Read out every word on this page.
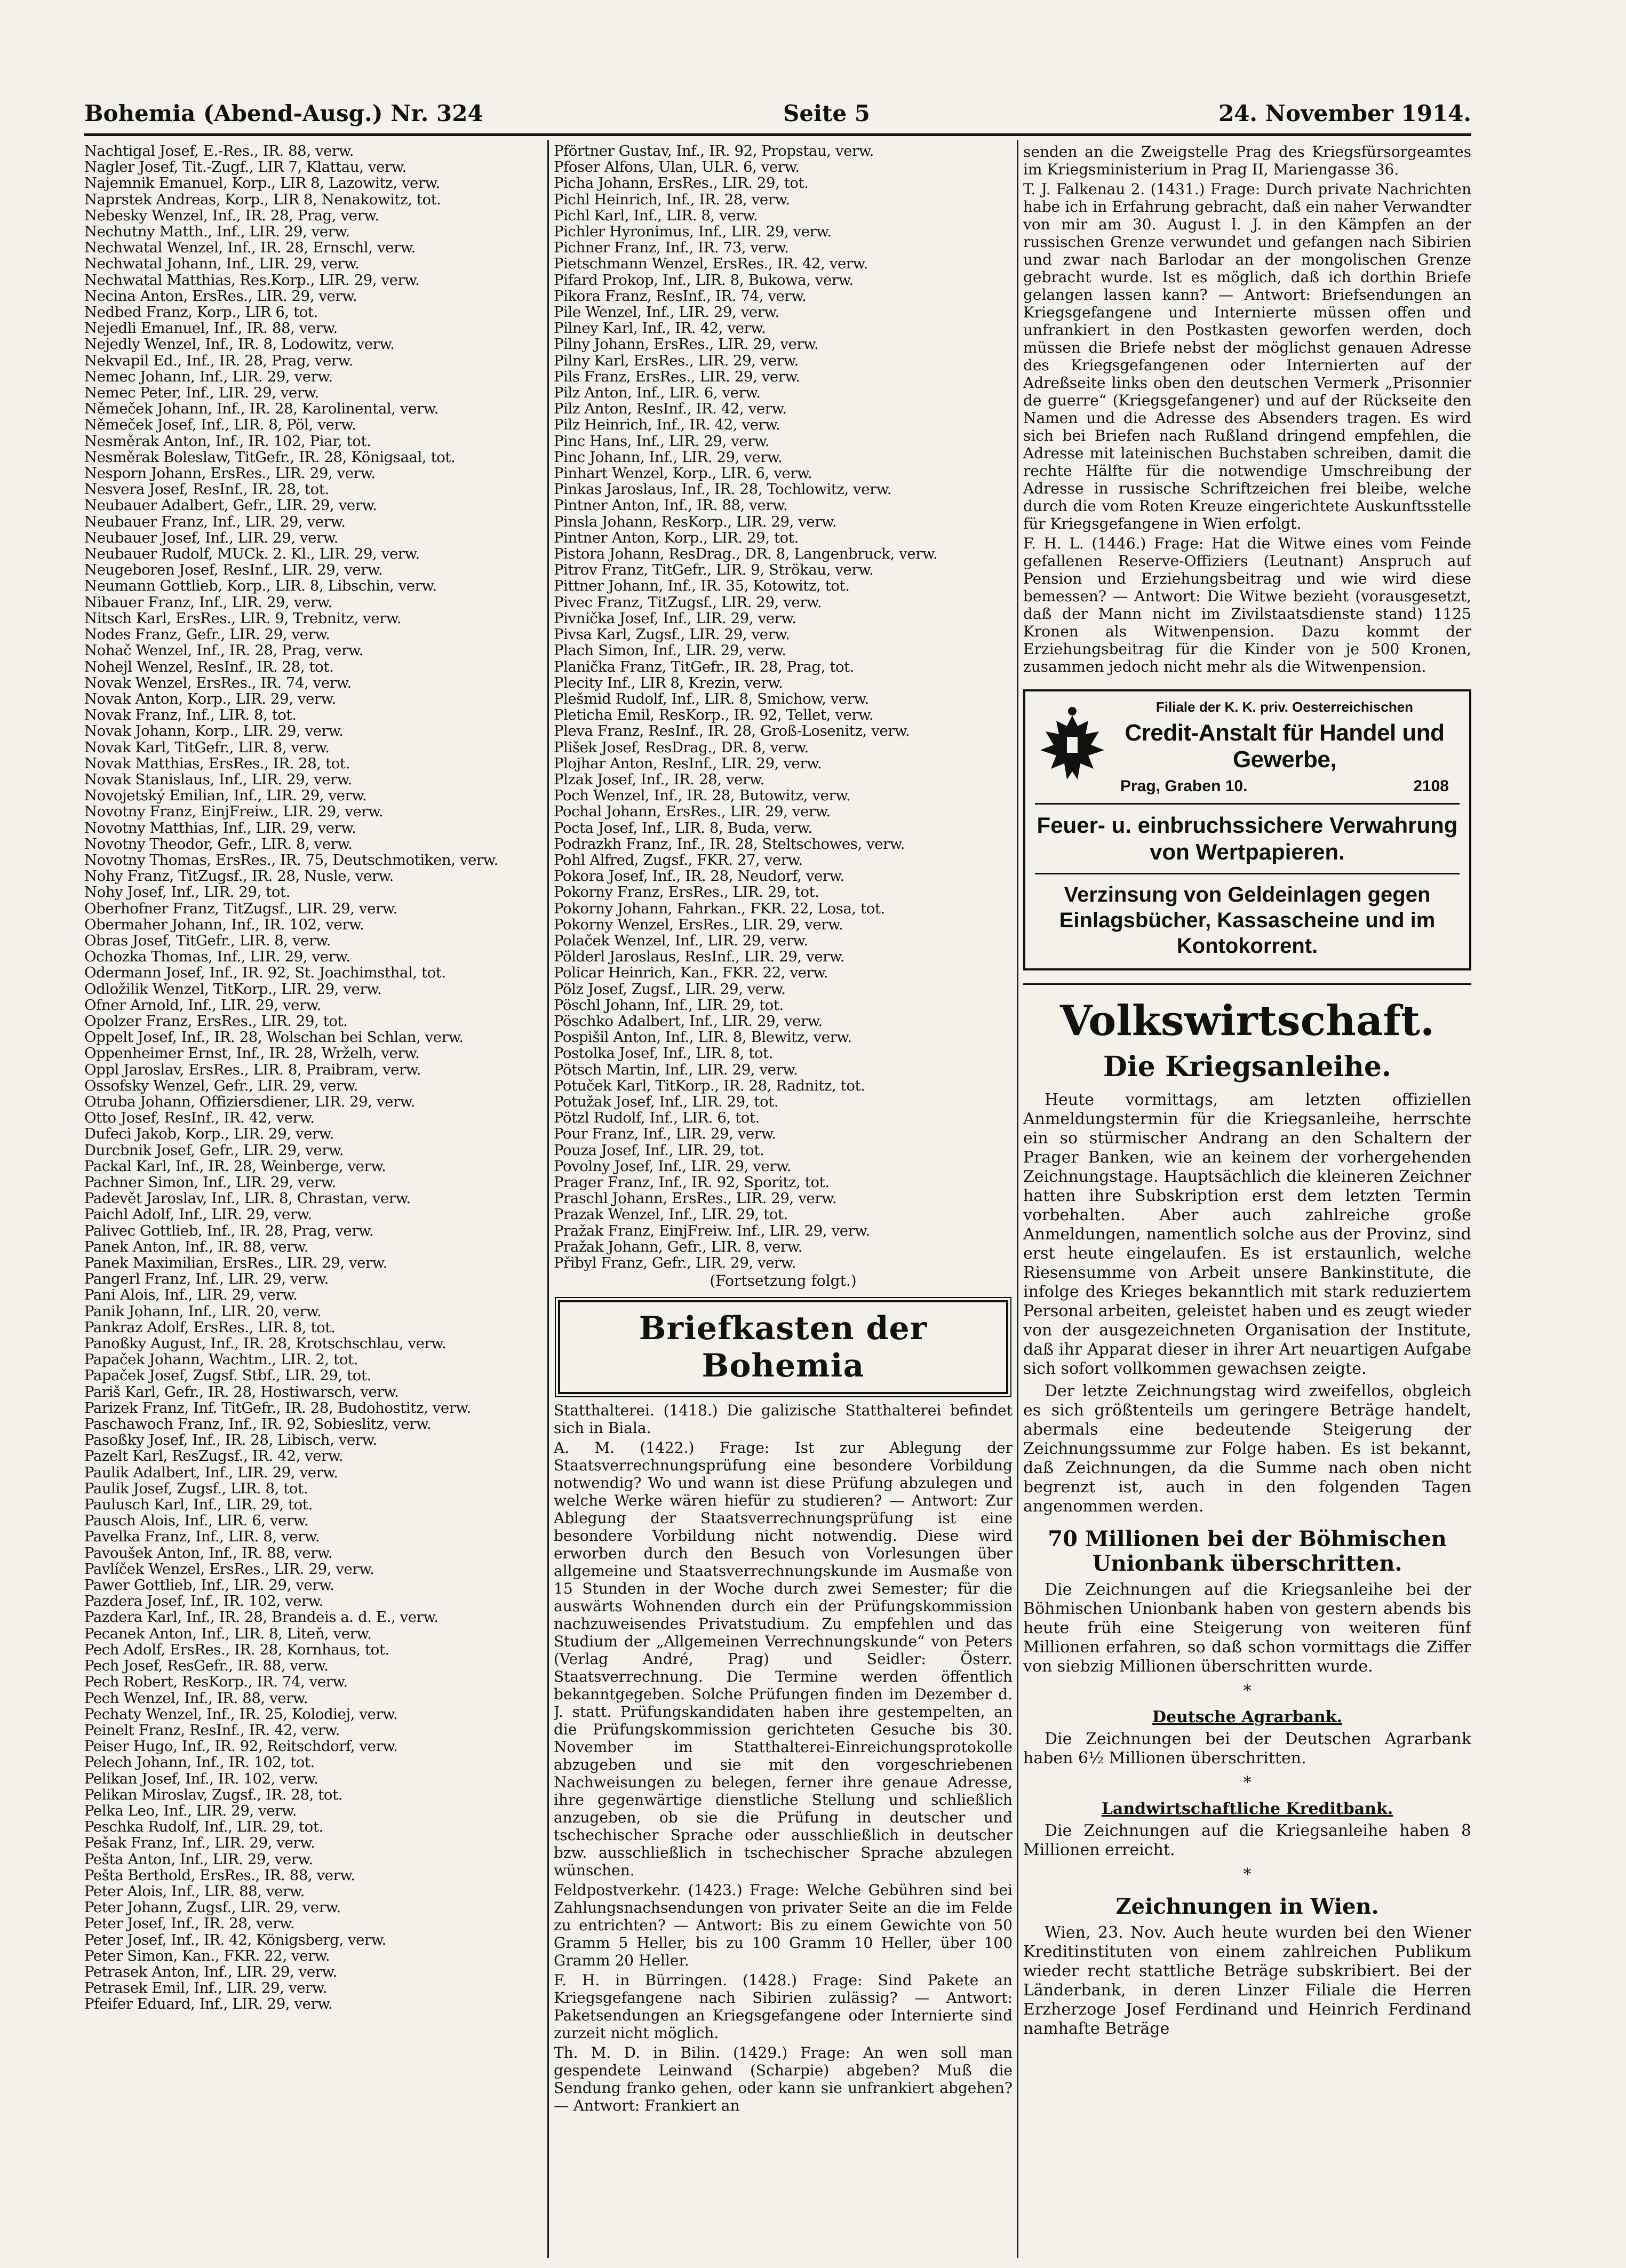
Bohemia (Abend-Ausg.) Nr. 324	Seite 5	24. November 1914.
Nachtigal Josef, E.-Res., IR. 88, verw.
Nagler Josef, Tit.-Zugf., LIR 7, Klattau, verw.
Najemnik Emanuel, Korp., LIR 8, Lazowitz, verw.
Naprstek Andreas, Korp., LIR 8, Nenakowitz, tot.
Nebesky Wenzel, Inf., IR. 28, Prag, verw.
Nechutny Matth., Inf., LIR. 29, verw.
Nechwatal Wenzel, Inf., IR. 28, Ernschl, verw.
Nechwatal Johann, Inf., LIR. 29, verw.
Nechwatal Matthias, Res.Korp., LIR. 29, verw.
Necina Anton, ErsRes., LIR. 29, verw.
Nedbed Franz, Korp., LIR 6, tot.
Nejedli Emanuel, Inf., IR. 88, verw.
Nejedly Wenzel, Inf., IR. 8, Lodowitz, verw.
Nekvapil Ed., Inf., IR. 28, Prag, verw.
Nemec Johann, Inf., LIR. 29, verw.
Nemec Peter, Inf., LIR. 29, verw.
Němeček Johann, Inf., IR. 28, Karolinental, verw.
Němeček Josef, Inf., LIR. 8, Pöl, verw.
Nesměrak Anton, Inf., IR. 102, Piar, tot.
Nesměrak Boleslaw, TitGefr., IR. 28, Königsaal, tot.
Nesporn Johann, ErsRes., LIR. 29, verw.
Nesvera Josef, ResInf., IR. 28, tot.
Neubauer Adalbert, Gefr., LIR. 29, verw.
Neubauer Franz, Inf., LIR. 29, verw.
Neubauer Josef, Inf., LIR. 29, verw.
Neubauer Rudolf, MUCk. 2. Kl., LIR. 29, verw.
Neugeboren Josef, ResInf., LIR. 29, verw.
Neumann Gottlieb, Korp., LIR. 8, Libschin, verw.
Nibauer Franz, Inf., LIR. 29, verw.
Nitsch Karl, ErsRes., LIR. 9, Trebnitz, verw.
Nodes Franz, Gefr., LIR. 29, verw.
Nohač Wenzel, Inf., IR. 28, Prag, verw.
Nohejl Wenzel, ResInf., IR. 28, tot.
Novak Wenzel, ErsRes., IR. 74, verw.
Novak Anton, Korp., LIR. 29, verw.
Novak Franz, Inf., LIR. 8, tot.
Novak Johann, Korp., LIR. 29, verw.
Novak Karl, TitGefr., LIR. 8, verw.
Novak Matthias, ErsRes., IR. 28, tot.
Novak Stanislaus, Inf., LIR. 29, verw.
Novojetský Emilian, Inf., LIR. 29, verw.
Novotny Franz, EinjFreiw., LIR. 29, verw.
Novotny Matthias, Inf., LIR. 29, verw.
Novotny Theodor, Gefr., LIR. 8, verw.
Novotny Thomas, ErsRes., IR. 75, Deutschmotiken, verw.
Nohy Franz, TitZugsf., IR. 28, Nusle, verw.
Nohy Josef, Inf., LIR. 29, tot.
Oberhofner Franz, TitZugsf., LIR. 29, verw.
Obermaher Johann, Inf., IR. 102, verw.
Obras Josef, TitGefr., LIR. 8, verw.
Ochozka Thomas, Inf., LIR. 29, verw.
Odermann Josef, Inf., IR. 92, St. Joachimsthal, tot.
Odložilik Wenzel, TitKorp., LIR. 29, verw.
Ofner Arnold, Inf., LIR. 29, verw.
Opolzer Franz, ErsRes., LIR. 29, tot.
Oppelt Josef, Inf., IR. 28, Wolschan bei Schlan, verw.
Oppenheimer Ernst, Inf., IR. 28, Wrželh, verw.
Oppl Jaroslav, ErsRes., LIR. 8, Praibram, verw.
Ossofsky Wenzel, Gefr., LIR. 29, verw.
Otruba Johann, Offiziersdiener, LIR. 29, verw.
Otto Josef, ResInf., IR. 42, verw.
Dufeci Jakob, Korp., LIR. 29, verw.
Durcbnik Josef, Gefr., LIR. 29, verw.
Packal Karl, Inf., IR. 28, Weinberge, verw.
Pachner Simon, Inf., LIR. 29, verw.
Padevět Jaroslav, Inf., LIR. 8, Chrastan, verw.
Paichl Adolf, Inf., LIR. 29, verw.
Palivec Gottlieb, Inf., IR. 28, Prag, verw.
Panek Anton, Inf., IR. 88, verw.
Panek Maximilian, ErsRes., LIR. 29, verw.
Pangerl Franz, Inf., LIR. 29, verw.
Pani Alois, Inf., LIR. 29, verw.
Panik Johann, Inf., LIR. 20, verw.
Pankraz Adolf, ErsRes., LIR. 8, tot.
Panoßky August, Inf., IR. 28, Krotschschlau, verw.
Papaček Johann, Wachtm., LIR. 2, tot.
Papaček Josef, Zugsf. Stbf., LIR. 29, tot.
Pariš Karl, Gefr., IR. 28, Hostiwarsch, verw.
Parizek Franz, Inf. TitGefr., IR. 28, Budohostitz, verw.
Paschawoch Franz, Inf., IR. 92, Sobieslitz, verw.
Pasoßky Josef, Inf., IR. 28, Libisch, verw.
Pazelt Karl, ResZugsf., IR. 42, verw.
Paulik Adalbert, Inf., LIR. 29, verw.
Paulik Josef, Zugsf., LIR. 8, tot.
Paulusch Karl, Inf., LIR. 29, tot.
Pausch Alois, Inf., LIR. 6, verw.
Pavelka Franz, Inf., LIR. 8, verw.
Pavoušek Anton, Inf., IR. 88, verw.
Pavlíček Wenzel, ErsRes., LIR. 29, verw.
Pawer Gottlieb, Inf., LIR. 29, verw.
Pazdera Josef, Inf., IR. 102, verw.
Pazdera Karl, Inf., IR. 28, Brandeis a. d. E., verw.
Pecanek Anton, Inf., LIR. 8, Liteň, verw.
Pech Adolf, ErsRes., IR. 28, Kornhaus, tot.
Pech Josef, ResGefr., IR. 88, verw.
Pech Robert, ResKorp., IR. 74, verw.
Pech Wenzel, Inf., IR. 88, verw.
Pechaty Wenzel, Inf., IR. 25, Kolodiej, verw.
Peinelt Franz, ResInf., IR. 42, verw.
Peiser Hugo, Inf., IR. 92, Reitschdorf, verw.
Pelech Johann, Inf., IR. 102, tot.
Pelikan Josef, Inf., IR. 102, verw.
Pelikan Miroslav, Zugsf., IR. 28, tot.
Pelka Leo, Inf., LIR. 29, verw.
Peschka Rudolf, Inf., LIR. 29, tot.
Pešak Franz, Inf., LIR. 29, verw.
Pešta Anton, Inf., LIR. 29, verw.
Pešta Berthold, ErsRes., IR. 88, verw.
Peter Alois, Inf., LIR. 88, verw.
Peter Johann, Zugsf., LIR. 29, verw.
Peter Josef, Inf., IR. 28, verw.
Peter Josef, Inf., IR. 42, Königsberg, verw.
Peter Simon, Kan., FKR. 22, verw.
Petrasek Anton, Inf., LIR. 29, verw.
Petrasek Emil, Inf., LIR. 29, verw.
Pfeifer Eduard, Inf., LIR. 29, verw.
Pförtner Gustav, Inf., IR. 92, Propstau, verw.
Pfoser Alfons, Ulan, ULR. 6, verw.
Picha Johann, ErsRes., LIR. 29, tot.
Pichl Heinrich, Inf., IR. 28, verw.
Pichl Karl, Inf., LIR. 8, verw.
Pichler Hyronimus, Inf., LIR. 29, verw.
Pichner Franz, Inf., IR. 73, verw.
Pietschmann Wenzel, ErsRes., IR. 42, verw.
Pifard Prokop, Inf., LIR. 8, Bukowa, verw.
Pikora Franz, ResInf., IR. 74, verw.
Pile Wenzel, Inf., LIR. 29, verw.
Pilney Karl, Inf., IR. 42, verw.
Pilny Johann, ErsRes., LIR. 29, verw.
Pilny Karl, ErsRes., LIR. 29, verw.
Pils Franz, ErsRes., LIR. 29, verw.
Pilz Anton, Inf., LIR. 6, verw.
Pilz Anton, ResInf., IR. 42, verw.
Pilz Heinrich, Inf., IR. 42, verw.
Pinc Hans, Inf., LIR. 29, verw.
Pinc Johann, Inf., LIR. 29, verw.
Pinhart Wenzel, Korp., LIR. 6, verw.
Pinkas Jaroslaus, Inf., IR. 28, Tochlowitz, verw.
Pintner Anton, Inf., IR. 88, verw.
Pinsla Johann, ResKorp., LIR. 29, verw.
Pintner Anton, Korp., LIR. 29, tot.
Pistora Johann, ResDrag., DR. 8, Langenbruck, verw.
Pitrov Franz, TitGefr., LIR. 9, Strökau, verw.
Pittner Johann, Inf., IR. 35, Kotowitz, tot.
Pivec Franz, TitZugsf., LIR. 29, verw.
Pivnička Josef, Inf., LIR. 29, verw.
Pivsa Karl, Zugsf., LIR. 29, verw.
Plach Simon, Inf., LIR. 29, verw.
Planička Franz, TitGefr., IR. 28, Prag, tot.
Plecity Inf., LIR 8, Krezin, verw.
Plešmid Rudolf, Inf., LIR. 8, Smichow, verw.
Pleticha Emil, ResKorp., IR. 92, Tellet, verw.
Pleva Franz, ResInf., IR. 28, Groß-Losenitz, verw.
Plišek Josef, ResDrag., DR. 8, verw.
Plojhar Anton, ResInf., LIR. 29, verw.
Plzak Josef, Inf., IR. 28, verw.
Poch Wenzel, Inf., IR. 28, Butowitz, verw.
Pochal Johann, ErsRes., LIR. 29, verw.
Pocta Josef, Inf., LIR. 8, Buda, verw.
Podrazkh Franz, Inf., IR. 28, Steltschowes, verw.
Pohl Alfred, Zugsf., FKR. 27, verw.
Pokora Josef, Inf., IR. 28, Neudorf, verw.
Pokorny Franz, ErsRes., LIR. 29, tot.
Pokorny Johann, Fahrkan., FKR. 22, Losa, tot.
Pokorny Wenzel, ErsRes., LIR. 29, verw.
Polaček Wenzel, Inf., LIR. 29, verw.
Pölderl Jaroslaus, ResInf., LIR. 29, verw.
Policar Heinrich, Kan., FKR. 22, verw.
Pölz Josef, Zugsf., LIR. 29, verw.
Pöschl Johann, Inf., LIR. 29, tot.
Pöschko Adalbert, Inf., LIR. 29, verw.
Pospišil Anton, Inf., LIR. 8, Blewitz, verw.
Postolka Josef, Inf., LIR. 8, tot.
Pötsch Martin, Inf., LIR. 29, verw.
Potuček Karl, TitKorp., IR. 28, Radnitz, tot.
Potužak Josef, Inf., LIR. 29, tot.
Pötzl Rudolf, Inf., LIR. 6, tot.
Pour Franz, Inf., LIR. 29, verw.
Pouza Josef, Inf., LIR. 29, tot.
Povolny Josef, Inf., LIR. 29, verw.
Prager Franz, Inf., IR. 92, Sporitz, tot.
Praschl Johann, ErsRes., LIR. 29, verw.
Prazak Wenzel, Inf., LIR. 29, tot.
Pražak Franz, EinjFreiw. Inf., LIR. 29, verw.
Pražak Johann, Gefr., LIR. 8, verw.
Přibyl Franz, Gefr., LIR. 29, verw.
(Fortsetzung folgt.)
Briefkasten der Bohemia

Statthalterei. (1418.) Die galizische Statthalterei befindet sich in Biala.

A. M. (1422.) Frage: Ist zur Ablegung der Staatsverrechnungsprüfung eine besondere Vorbildung notwendig? Wo und wann ist diese Prüfung abzulegen und welche Werke wären hiefür zu studieren? — Antwort: Zur Ablegung der Staatsverrechnungsprüfung ist eine besondere Vorbildung nicht notwendig. Diese wird erworben durch den Besuch von Vorlesungen über allgemeine und Staatsverrechnungskunde im Ausmaße von 15 Stunden in der Woche durch zwei Semester; für die auswärts Wohnenden durch ein der Prüfungskommission nachzuweisendes Privatstudium. Zu empfehlen und das Studium der „Allgemeinen Verrechnungskunde“ von Peters (Verlag André, Prag) und Seidler: Österr. Staatsverrechnung. Die Termine werden öffentlich bekanntgegeben. Solche Prüfungen finden im Dezember d. J. statt. Prüfungskandidaten haben ihre gestempelten, an die Prüfungskommission gerichteten Gesuche bis 30. November im Statthalterei-Einreichungsprotokolle abzugeben und sie mit den vorgeschriebenen Nachweisungen zu belegen, ferner ihre genaue Adresse, ihre gegenwärtige dienstliche Stellung und schließlich anzugeben, ob sie die Prüfung in deutscher und tschechischer Sprache oder ausschließlich in deutscher bzw. ausschließlich in tschechischer Sprache abzulegen wünschen.

Feldpostverkehr. (1423.) Frage: Welche Gebühren sind bei Zahlungsnachsendungen von privater Seite an die im Felde zu entrichten? — Antwort: Bis zu einem Gewichte von 50 Gramm 5 Heller, bis zu 100 Gramm 10 Heller, über 100 Gramm 20 Heller.

F. H. in Bürringen. (1428.) Frage: Sind Pakete an Kriegsgefangene nach Sibirien zulässig? — Antwort: Paketsendungen an Kriegsgefangene oder Internierte sind zurzeit nicht möglich.

Th. M. D. in Bilin. (1429.) Frage: An wen soll man gespendete Leinwand (Scharpie) abgeben? Muß die Sendung franko gehen, oder kann sie unfrankiert abgehen? — Antwort: Frankiert an

senden an die Zweigstelle Prag des Kriegsfürsorgeamtes im Kriegsministerium in Prag II, Mariengasse 36.

T. J. Falkenau 2. (1431.) Frage: Durch private Nachrichten habe ich in Erfahrung gebracht, daß ein naher Verwandter von mir am 30. August l. J. in den Kämpfen an der russischen Grenze verwundet und gefangen nach Sibirien und zwar nach Barlodar an der mongolischen Grenze gebracht wurde. Ist es möglich, daß ich dorthin Briefe gelangen lassen kann? — Antwort: Briefsendungen an Kriegsgefangene und Internierte müssen offen und unfrankiert in den Postkasten geworfen werden, doch müssen die Briefe nebst der möglichst genauen Adresse des Kriegsgefangenen oder Internierten auf der Adreßseite links oben den deutschen Vermerk „Prisonnier de guerre“ (Kriegsgefangener) und auf der Rückseite den Namen und die Adresse des Absenders tragen. Es wird sich bei Briefen nach Rußland dringend empfehlen, die Adresse mit lateinischen Buchstaben schreiben, damit die rechte Hälfte für die notwendige Umschreibung der Adresse in russische Schriftzeichen frei bleibe, welche durch die vom Roten Kreuze eingerichtete Auskunftsstelle für Kriegsgefangene in Wien erfolgt.

F. H. L. (1446.) Frage: Hat die Witwe eines vom Feinde gefallenen Reserve-Offiziers (Leutnant) Anspruch auf Pension und Erziehungsbeitrag und wie wird diese bemessen? — Antwort: Die Witwe bezieht (vorausgesetzt, daß der Mann nicht im Zivilstaatsdienste stand) 1125 Kronen als Witwenpension. Dazu kommt der Erziehungsbeitrag für die Kinder von je 500 Kronen, zusammen jedoch nicht mehr als die Witwenpension.

Filiale der K. K. priv. Oesterreichischen
Credit-Anstalt für Handel und Gewerbe,
Prag, Graben 10.	2108
Feuer- u. einbruchssichere Verwahrung von Wertpapieren.
Verzinsung von Geldeinlagen gegen Einlagsbücher, Kassascheine und im Kontokorrent.
Volkswirtschaft.
Die Kriegsanleihe.

Heute vormittags, am letzten offiziellen Anmeldungstermin für die Kriegsanleihe, herrschte ein so stürmischer Andrang an den Schaltern der Prager Banken, wie an keinem der vorhergehenden Zeichnungstage. Hauptsächlich die kleineren Zeichner hatten ihre Subskription erst dem letzten Termin vorbehalten. Aber auch zahlreiche große Anmeldungen, namentlich solche aus der Provinz, sind erst heute eingelaufen. Es ist erstaunlich, welche Riesensumme von Arbeit unsere Bankinstitute, die infolge des Krieges bekanntlich mit stark reduziertem Personal arbeiten, geleistet haben und es zeugt wieder von der ausgezeichneten Organisation der Institute, daß ihr Apparat dieser in ihrer Art neuartigen Aufgabe sich sofort vollkommen gewachsen zeigte.

Der letzte Zeichnungstag wird zweifellos, obgleich es sich größtenteils um geringere Beträge handelt, abermals eine bedeutende Steigerung der Zeichnungssumme zur Folge haben. Es ist bekannt, daß Zeichnungen, da die Summe nach oben nicht begrenzt ist, auch in den folgenden Tagen angenommen werden.

70 Millionen bei der Böhmischen Unionbank überschritten.

Die Zeichnungen auf die Kriegsanleihe bei der Böhmischen Unionbank haben von gestern abends bis heute früh eine Steigerung von weiteren fünf Millionen erfahren, so daß schon vormittags die Ziffer von siebzig Millionen überschritten wurde.

*
Deutsche Agrarbank.

Die Zeichnungen bei der Deutschen Agrarbank haben 6½ Millionen überschritten.

*
Landwirtschaftliche Kreditbank.

Die Zeichnungen auf die Kriegsanleihe haben 8 Millionen erreicht.

*
Zeichnungen in Wien.

Wien, 23. Nov. Auch heute wurden bei den Wiener Kreditinstituten von einem zahlreichen Publikum wieder recht stattliche Beträge subskribiert. Bei der Länderbank, in deren Linzer Filiale die Herren Erzherzoge Josef Ferdinand und Heinrich Ferdinand namhafte Beträge
